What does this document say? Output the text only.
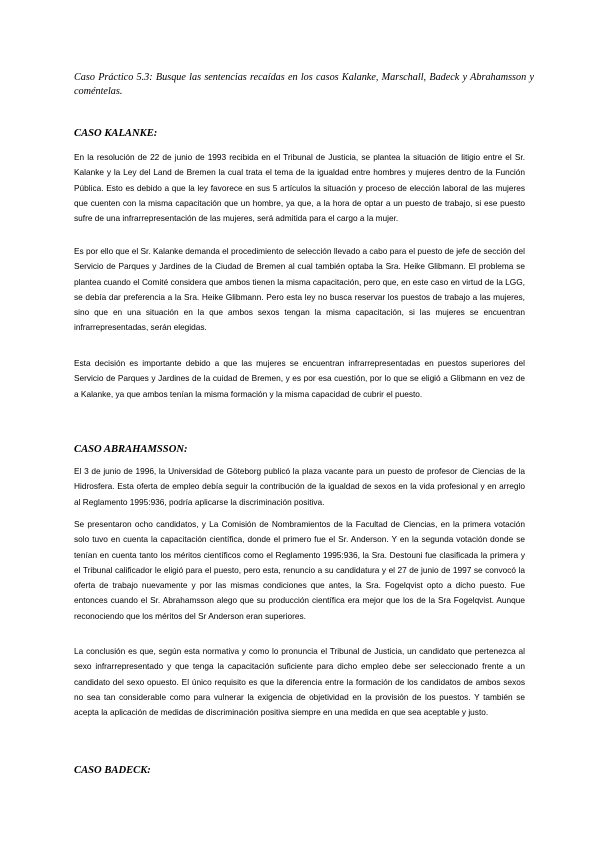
Caso Práctico 5.3: Busque las sentencias recaídas en los casos Kalanke, Marschall, Badeck y Abrahamsson y coméntelas.

CASO KALANKE:

En la resolución de 22 de junio de 1993 recibida en el Tribunal de Justicia, se plantea la situación de litigio entre el Sr. Kalanke y la Ley del Land de Bremen la cual trata el tema de la igualdad entre hombres y mujeres dentro de la Función Pública. Esto es debido a que la ley favorece en sus 5 artículos la situación y proceso de elección laboral de las mujeres que cuenten con la misma capacitación que un hombre, ya que, a la hora de optar a un puesto de trabajo, si ese puesto sufre de una infrarrepresentación de las mujeres, será admitida para el cargo a la mujer.

Es por ello que el Sr. Kalanke demanda el procedimiento de selección llevado a cabo para el puesto de jefe de sección del Servicio de Parques y Jardines de la Ciudad de Bremen al cual también optaba la Sra. Heike Glibmann. El problema se plantea cuando el Comité considera que ambos tienen la misma capacitación, pero que, en este caso en virtud de la LGG, se debía dar preferencia a la Sra. Heike Glibmann. Pero esta ley no busca reservar los puestos de trabajo a las mujeres, sino que en una situación en la que ambos sexos tengan la misma capacitación, si las mujeres se encuentran infrarrepresentadas, serán elegidas.

Esta decisión es importante debido a que las mujeres se encuentran infrarrepresentadas en puestos superiores del Servicio de Parques y Jardines de la cuidad de Bremen, y es por esa cuestión, por lo que se eligió a Glibmann en vez de a Kalanke, ya que ambos tenían la misma formación y la misma capacidad de cubrir el puesto.

CASO ABRAHAMSSON:

El 3 de junio de 1996, la Universidad de Göteborg publicó la plaza vacante para un puesto de profesor de Ciencias de la Hidrosfera. Esta oferta de empleo debía seguir la contribución de la igualdad de sexos en la vida profesional y en arreglo al Reglamento 1995:936, podría aplicarse la discriminación positiva.

Se presentaron ocho candidatos, y La Comisión de Nombramientos de la Facultad de Ciencias, en la primera votación solo tuvo en cuenta la capacitación científica, donde el primero fue el Sr. Anderson. Y en la segunda votación donde se tenían en cuenta tanto los méritos científicos como el Reglamento 1995:936, la Sra. Destouni fue clasificada la primera y el Tribunal calificador le eligió para el puesto, pero esta, renuncio a su candidatura y el 27 de junio de 1997 se convocó la oferta de trabajo nuevamente y por las mismas condiciones que antes, la Sra. Fogelqvist opto a dicho puesto. Fue entonces cuando el Sr. Abrahamsson alego que su producción científica era mejor que los de la Sra Fogelqvist. Aunque reconociendo que los méritos del Sr Anderson eran superiores.

La conclusión es que, según esta normativa y como lo pronuncia el Tribunal de Justicia, un candidato que pertenezca al sexo infrarrepresentado y que tenga la capacitación suficiente para dicho empleo debe ser seleccionado frente a un candidato del sexo opuesto. El único requisito es que la diferencia entre la formación de los candidatos de ambos sexos no sea tan considerable como para vulnerar la exigencia de objetividad en la provisión de los puestos. Y también se acepta la aplicación de medidas de discriminación positiva siempre en una medida en que sea aceptable y justo.

CASO BADECK:
